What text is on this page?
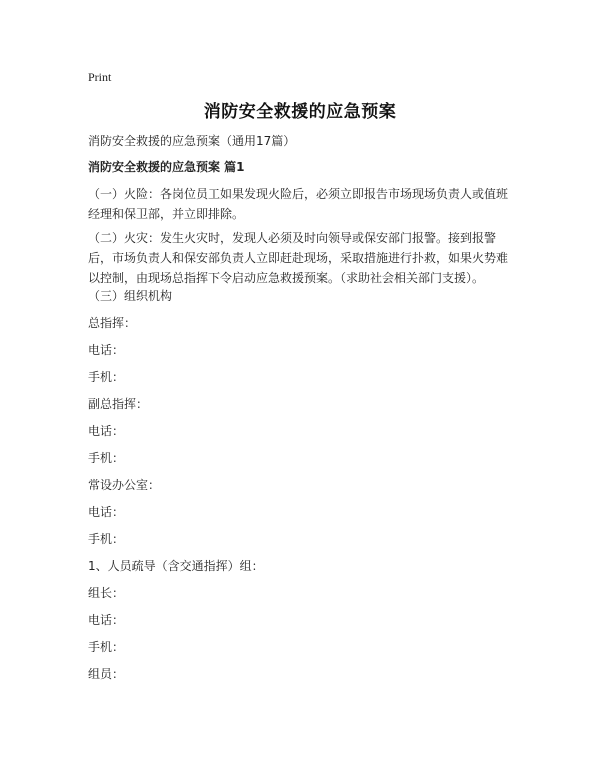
Print
消防安全救援的应急预案
消防安全救援的应急预案（通用17篇）
消防安全救援的应急预案 篇1
（一）火险：各岗位员工如果发现火险后，必须立即报告市场现场负责人或值班经理和保卫部，并立即排除。
（二）火灾：发生火灾时，发现人必须及时向领导或保安部门报警。接到报警后，市场负责人和保安部负责人立即赶赴现场，采取措施进行扑救，如果火势难以控制，由现场总指挥下令启动应急救援预案。（求助社会相关部门支援）。
（三）组织机构
总指挥：
电话：
手机：
副总指挥：
电话：
手机：
常设办公室：
电话：
手机：
1、人员疏导（含交通指挥）组：
组长：
电话：
手机：
组员：
